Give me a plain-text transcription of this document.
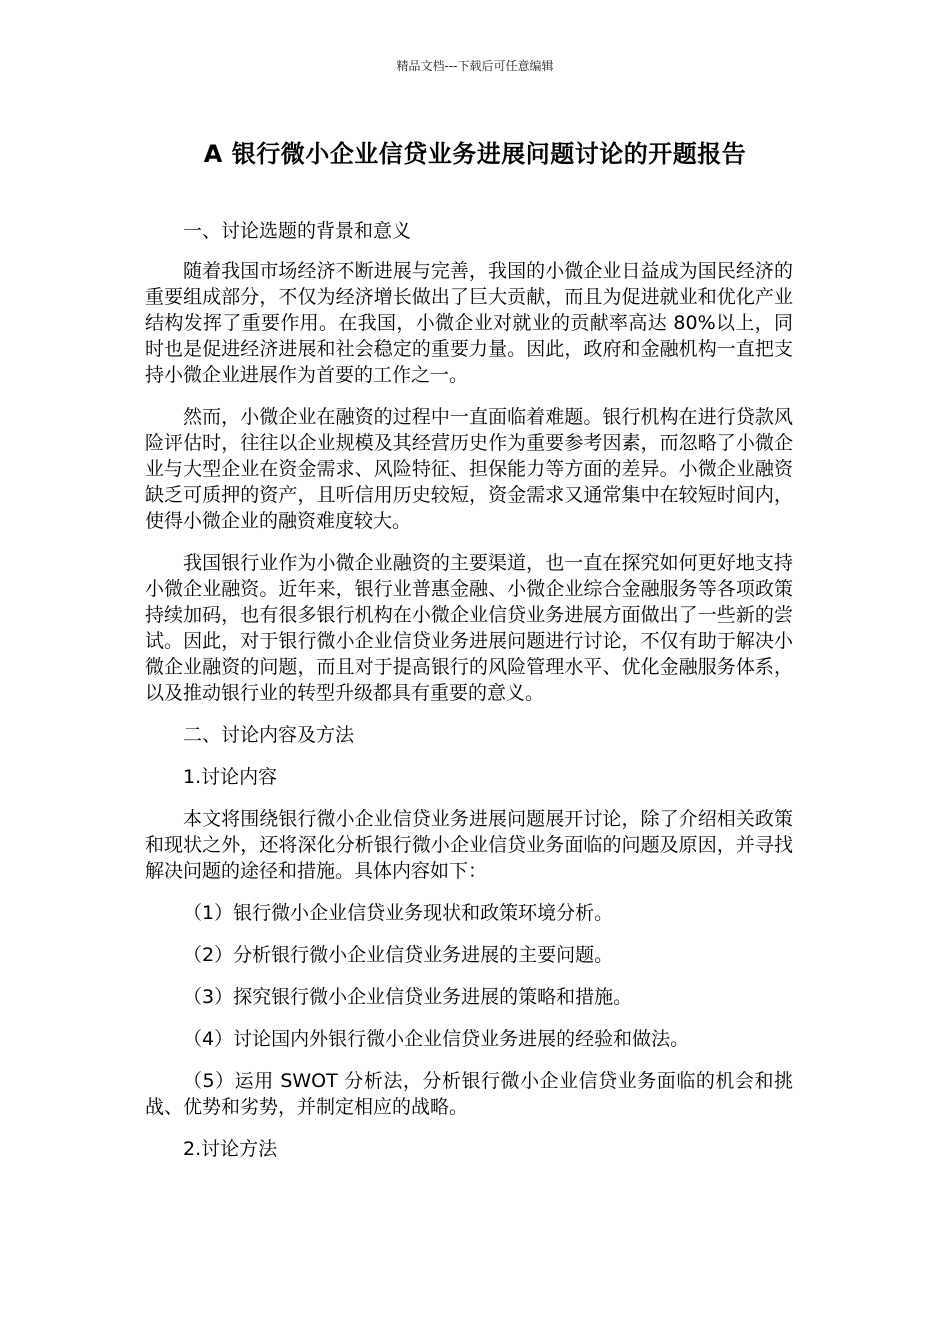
精品文档---下载后可任意编辑
A 银行微小企业信贷业务进展问题讨论的开题报告

一、讨论选题的背景和意义

随着我国市场经济不断进展与完善，我国的小微企业日益成为国民经济的重要组成部分，不仅为经济增长做出了巨大贡献，而且为促进就业和优化产业结构发挥了重要作用。在我国，小微企业对就业的贡献率高达 80%以上，同时也是促进经济进展和社会稳定的重要力量。因此，政府和金融机构一直把支持小微企业进展作为首要的工作之一。

然而，小微企业在融资的过程中一直面临着难题。银行机构在进行贷款风险评估时，往往以企业规模及其经营历史作为重要参考因素，而忽略了小微企业与大型企业在资金需求、风险特征、担保能力等方面的差异。小微企业融资缺乏可质押的资产，且听信用历史较短，资金需求又通常集中在较短时间内，使得小微企业的融资难度较大。

我国银行业作为小微企业融资的主要渠道，也一直在探究如何更好地支持小微企业融资。近年来，银行业普惠金融、小微企业综合金融服务等各项政策持续加码，也有很多银行机构在小微企业信贷业务进展方面做出了一些新的尝试。因此，对于银行微小企业信贷业务进展问题进行讨论，不仅有助于解决小微企业融资的问题，而且对于提高银行的风险管理水平、优化金融服务体系，以及推动银行业的转型升级都具有重要的意义。

二、讨论内容及方法

1.讨论内容

本文将围绕银行微小企业信贷业务进展问题展开讨论，除了介绍相关政策和现状之外，还将深化分析银行微小企业信贷业务面临的问题及原因，并寻找解决问题的途径和措施。具体内容如下：

（1）银行微小企业信贷业务现状和政策环境分析。

（2）分析银行微小企业信贷业务进展的主要问题。

（3）探究银行微小企业信贷业务进展的策略和措施。

（4）讨论国内外银行微小企业信贷业务进展的经验和做法。

（5）运用 SWOT 分析法，分析银行微小企业信贷业务面临的机会和挑战、优势和劣势，并制定相应的战略。

2.讨论方法
